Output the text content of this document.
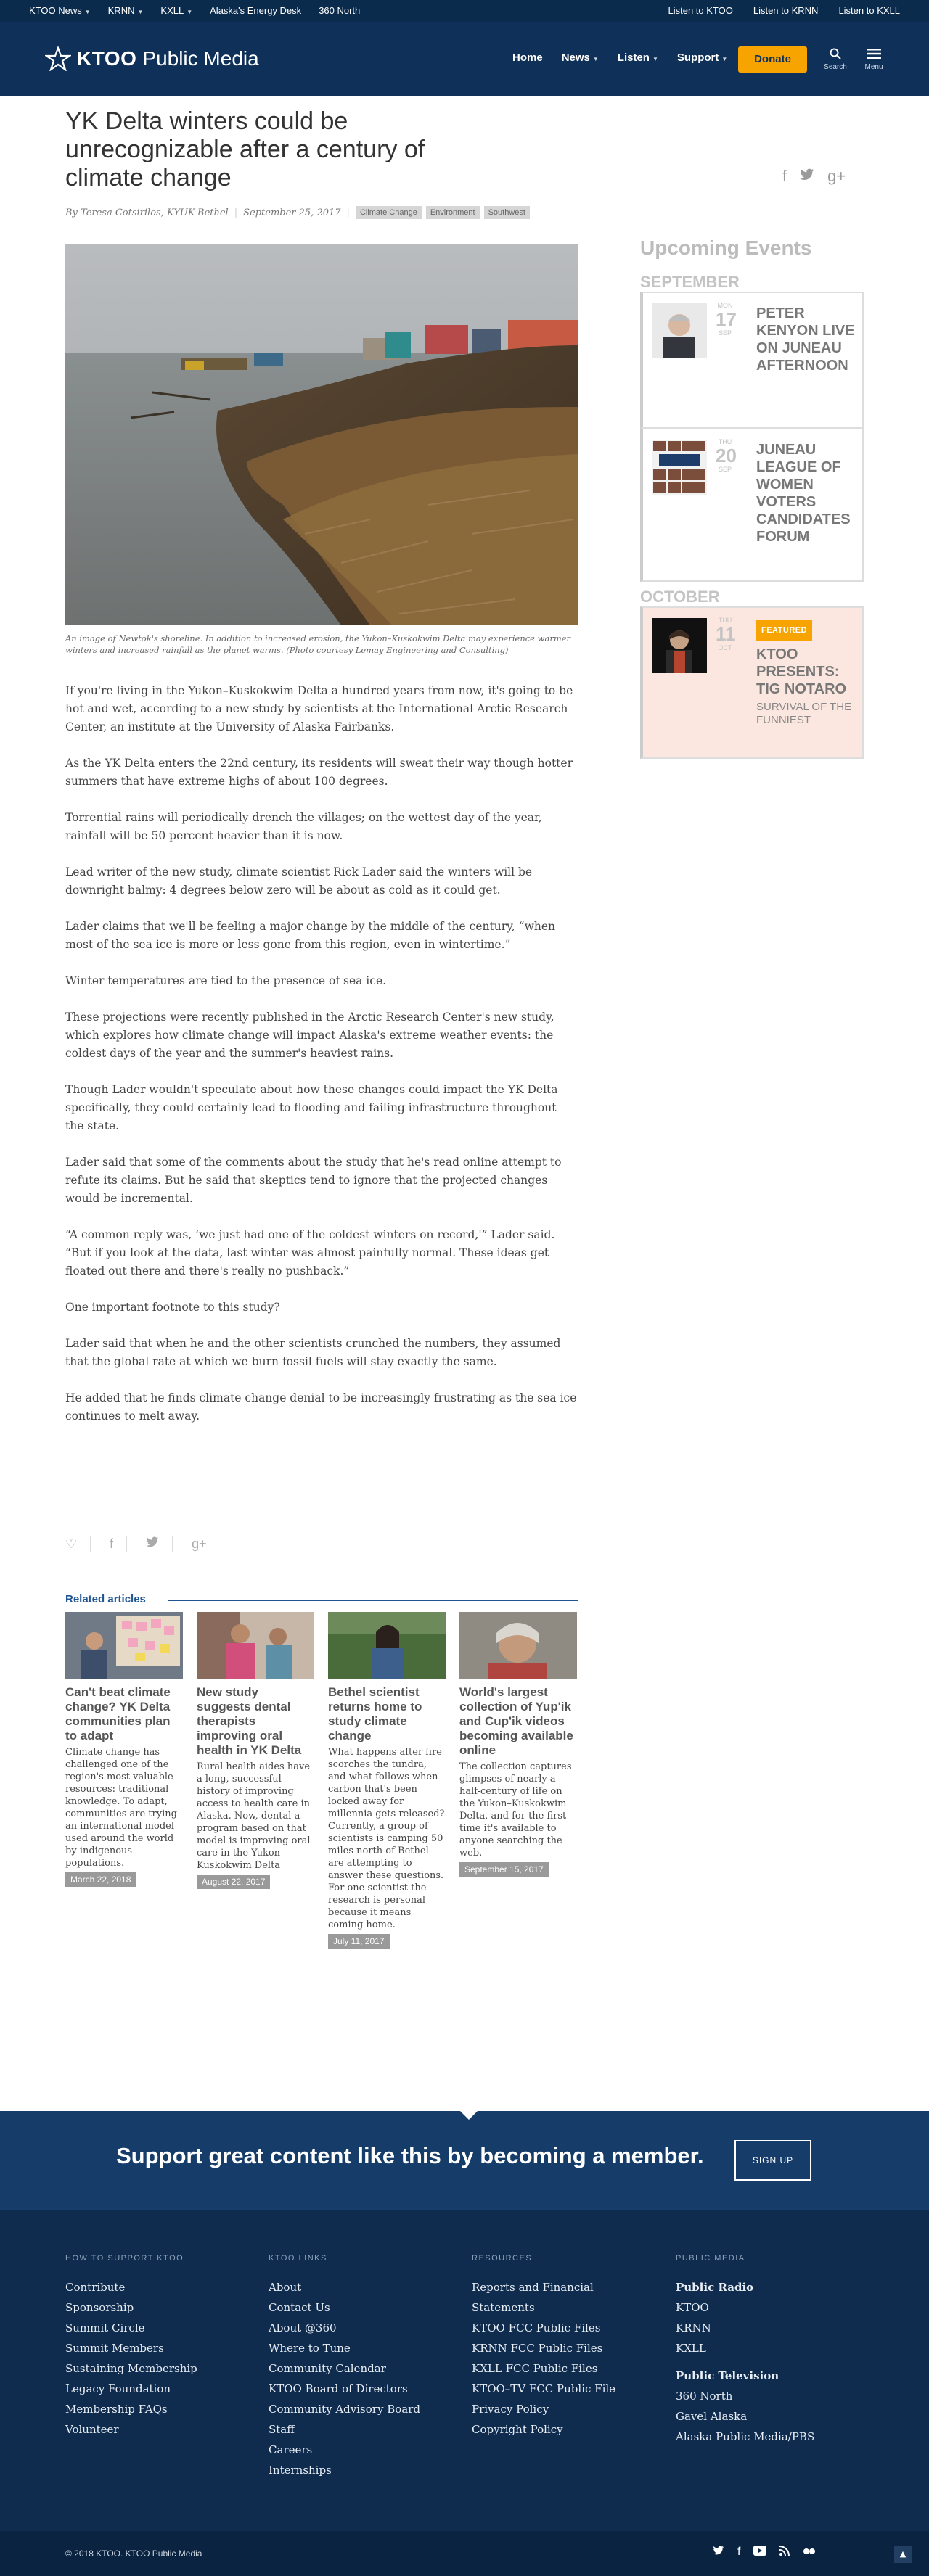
KTOO News ▼ KRNN ▼ KXLL ▼ Alaska's Energy Desk 360 North	Listen to KTOO Listen to KRNN Listen to KXLL
KTOO Public Media	Home News ▼ Listen ▼ Support ▼	Donate
Search	Menu
YK Delta winters could be unrecognizable after a century of climate change	f	g+
By Teresa Cotsirilos, KYUK-Bethel | September 25, 2017 |	Climate Change	Environment	Southwest

An image of Newtok's shoreline. In addition to increased erosion, the Yukon–Kuskokwim Delta may experience warmer winters and increased rainfall as the planet warms. (Photo courtesy Lemay Engineering and Consulting)

If you're living in the Yukon–Kuskokwim Delta a hundred years from now, it's going to be hot and wet, according to a new study by scientists at the International Arctic Research Center, an institute at the University of Alaska Fairbanks.

As the YK Delta enters the 22nd century, its residents will sweat their way though hotter summers that have extreme highs of about 100 degrees.

Torrential rains will periodically drench the villages; on the wettest day of the year, rainfall will be 50 percent heavier than it is now.

Lead writer of the new study, climate scientist Rick Lader said the winters will be downright balmy: 4 degrees below zero will be about as cold as it could get.

Lader claims that we'll be feeling a major change by the middle of the century, “when most of the sea ice is more or less gone from this region, even in wintertime.”

Winter temperatures are tied to the presence of sea ice.

These projections were recently published in the Arctic Research Center's new study, which explores how climate change will impact Alaska's extreme weather events: the coldest days of the year and the summer's heaviest rains.

Though Lader wouldn't speculate about how these changes could impact the YK Delta specifically, they could certainly lead to flooding and failing infrastructure throughout the state.

Lader said that some of the comments about the study that he's read online attempt to refute its claims. But he said that skeptics tend to ignore that the projected changes would be incremental.

“A common reply was, ‘we just had one of the coldest winters on record,'” Lader said. “But if you look at the data, last winter was almost painfully normal. These ideas get floated out there and there's really no pushback.”

One important footnote to this study?

Lader said that when he and the other scientists crunched the numbers, they assumed that the global rate at which we burn fossil fuels will stay exactly the same.

He added that he finds climate change denial to be increasingly frustrating as the sea ice continues to melt away.

♡	f	g+
Related articles
Can't beat climate change? YK Delta communities plan to adapt

Climate change has challenged one of the region's most valuable resources: traditional knowledge. To adapt, communities are trying an international model used around the world by indigenous populations.

March 22, 2018
New study suggests dental therapists improving oral health in YK Delta

Rural health aides have a long, successful history of improving access to health care in Alaska. Now, dental a program based on that model is improving oral care in the Yukon-Kuskokwim Delta

August 22, 2017
Bethel scientist returns home to study climate change

What happens after fire scorches the tundra, and what follows when carbon that's been locked away for millennia gets released? Currently, a group of scientists is camping 50 miles north of Bethel are attempting to answer these questions. For one scientist the research is personal because it means coming home.

July 11, 2017
World's largest collection of Yup'ik and Cup'ik videos becoming available online

The collection captures glimpses of nearly a half-century of life on the Yukon–Kuskokwim Delta, and for the first time it's available to anyone searching the web.

September 15, 2017
Upcoming Events
SEPTEMBER
MON
17
SEP
PETER KENYON LIVE ON JUNEAU AFTERNOON
THU
20
SEP
JUNEAU LEAGUE OF WOMEN VOTERS CANDIDATES FORUM
OCTOBER
THU
11
OCT
FEATURED
KTOO PRESENTS: TIG NOTARO
SURVIVAL OF THE FUNNIEST
Support great content like this by becoming a member.	SIGN UP
HOW TO SUPPORT KTOO
Contribute
Sponsorship
Summit Circle
Summit Members
Sustaining Membership
Legacy Foundation
Membership FAQs
Volunteer
KTOO LINKS
About
Contact Us
About @360
Where to Tune
Community Calendar
KTOO Board of Directors
Community Advisory Board
Staff
Careers
Internships
RESOURCES
Reports and Financial
Statements
KTOO FCC Public Files
KRNN FCC Public Files
KXLL FCC Public Files
KTOO–TV FCC Public File
Privacy Policy
Copyright Policy
PUBLIC MEDIA
Public Radio
KTOO
KRNN
KXLL
Public Television
360 North
Gavel Alaska
Alaska Public Media/PBS
© 2018 KTOO. KTOO Public Media	f	▲
